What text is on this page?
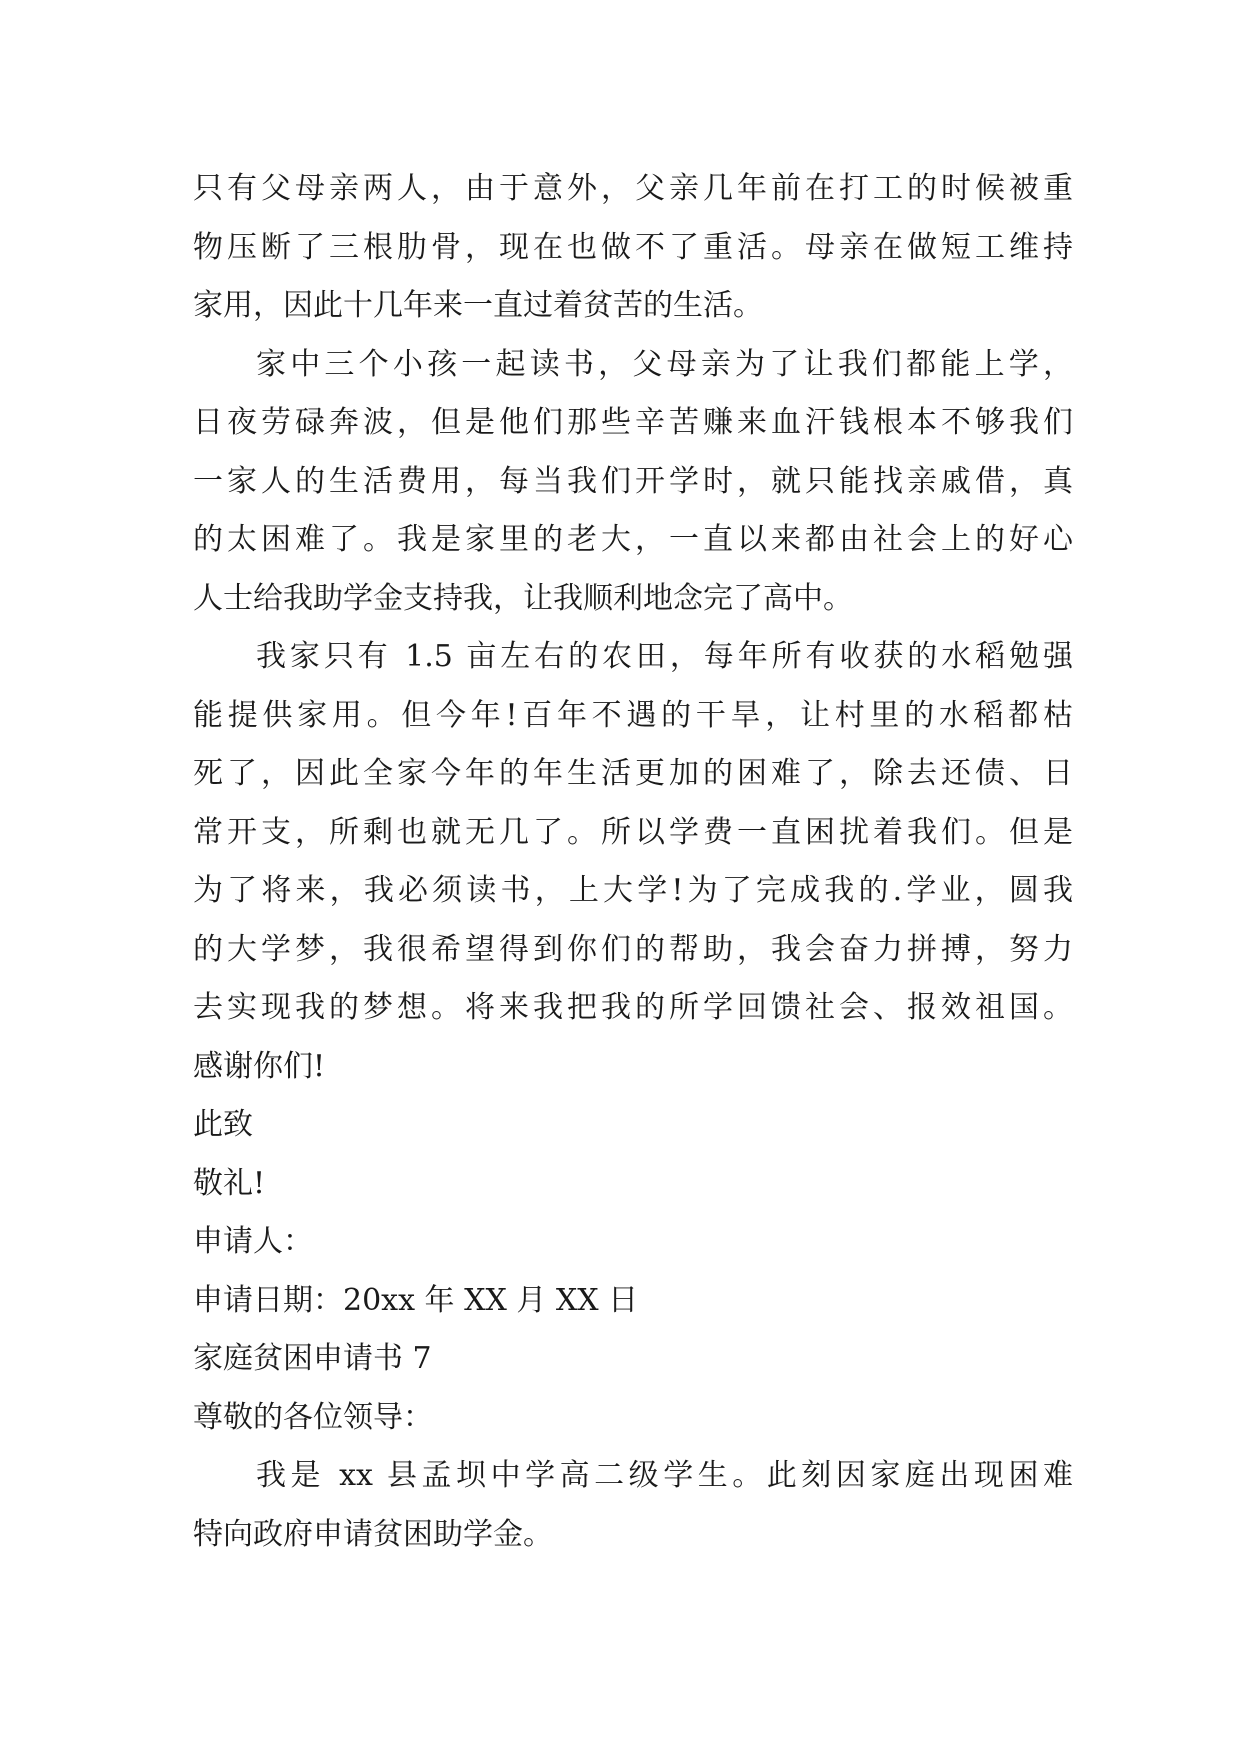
只有父母亲两人，由于意外，父亲几年前在打工的时候被重
物压断了三根肋骨，现在也做不了重活。母亲在做短工维持
家用，因此十几年来一直过着贫苦的生活。

家中三个小孩一起读书，父母亲为了让我们都能上学，
日夜劳碌奔波，但是他们那些辛苦赚来血汗钱根本不够我们
一家人的生活费用，每当我们开学时，就只能找亲戚借，真
的太困难了。我是家里的老大，一直以来都由社会上的好心
人士给我助学金支持我，让我顺利地念完了高中。

我家只有 1.5 亩左右的农田，每年所有收获的水稻勉强
能提供家用。但今年!百年不遇的干旱，让村里的水稻都枯
死了，因此全家今年的年生活更加的困难了，除去还债、日
常开支，所剩也就无几了。所以学费一直困扰着我们。但是
为了将来，我必须读书，上大学!为了完成我的.学业，圆我
的大学梦，我很希望得到你们的帮助，我会奋力拼搏，努力
去实现我的梦想。将来我把我的所学回馈社会、报效祖国。
感谢你们!

此致

敬礼!

申请人：

申请日期：20xx 年 XX 月 XX 日

家庭贫困申请书 7

尊敬的各位领导：

我是 xx 县孟坝中学高二级学生。此刻因家庭出现困难
特向政府申请贫困助学金。
